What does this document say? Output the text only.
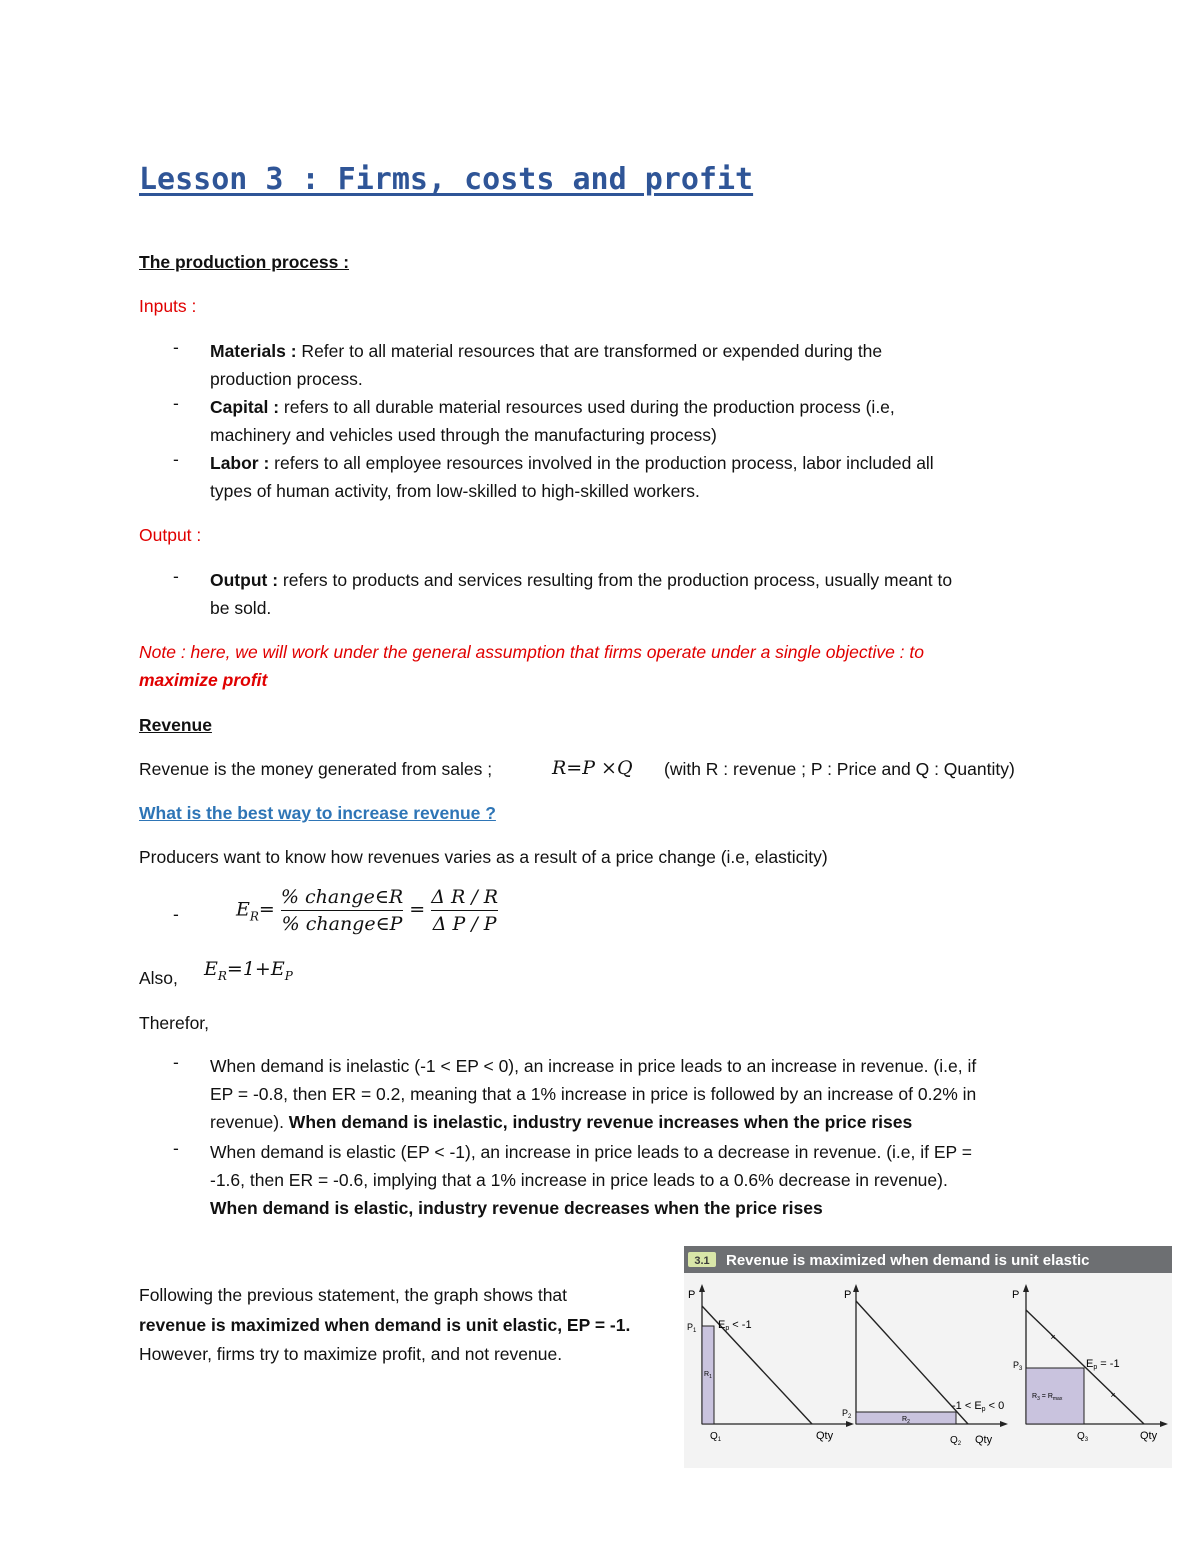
Lesson 3 : Firms, costs and profit
The production process :
Inputs :
- Materials : Refer to all material resources that are transformed or expended during the
production process.
- Capital : refers to all durable material resources used during the production process (i.e,
machinery and vehicles used through the manufacturing process)
- Labor : refers to all employee resources involved in the production process, labor included all
types of human activity, from low-skilled to high-skilled workers.
Output :
- Output : refers to products and services resulting from the production process, usually meant to
be sold.
Note : here, we will work under the general assumption that firms operate under a single objective : to
maximize profit
Revenue
Revenue is the money generated from sales ;	R=P ×Q (with R : revenue ; P : Price and Q : Quantity)
What is the best way to increase revenue ?
Producers want to know how revenues varies as a result of a price change (i.e, elasticity)
-	$E_R= \frac{\text{\% change∈R}}{\text{\% change∈P}} = \frac{\text{Δ R / R}}{\text{Δ P / P}}$
Also, $E_R=1+E_P$
Therefor,
- When demand is inelastic (-1 < EP < 0), an increase in price leads to an increase in revenue. (i.e, if
EP = -0.8, then ER = 0.2, meaning that a 1% increase in price is followed by an increase of 0.2% in
revenue). When demand is inelastic, industry revenue increases when the price rises
- When demand is elastic (EP < -1), an increase in price leads to a decrease in revenue. (i.e, if EP =
-1.6, then ER = -0.6, implying that a 1% increase in price leads to a 0.6% decrease in revenue).
When demand is elastic, industry revenue decreases when the price rises
Following the previous statement, the graph shows that
revenue is maximized when demand is unit elastic, EP = -1.
However, firms try to maximize profit, and not revenue.
3.1 Revenue is maximized when demand is unit elastic
P
$P_1$
$R_1$
Ep < -1
$Q_1$	Qty
P
$P_2$	$R_2$
-1 < Ep < 0
$Q_2$ Qty
P
×
×
$P_3$
$R_3 = R_{max}$
Ep = -1
$Q_3$	Qty
